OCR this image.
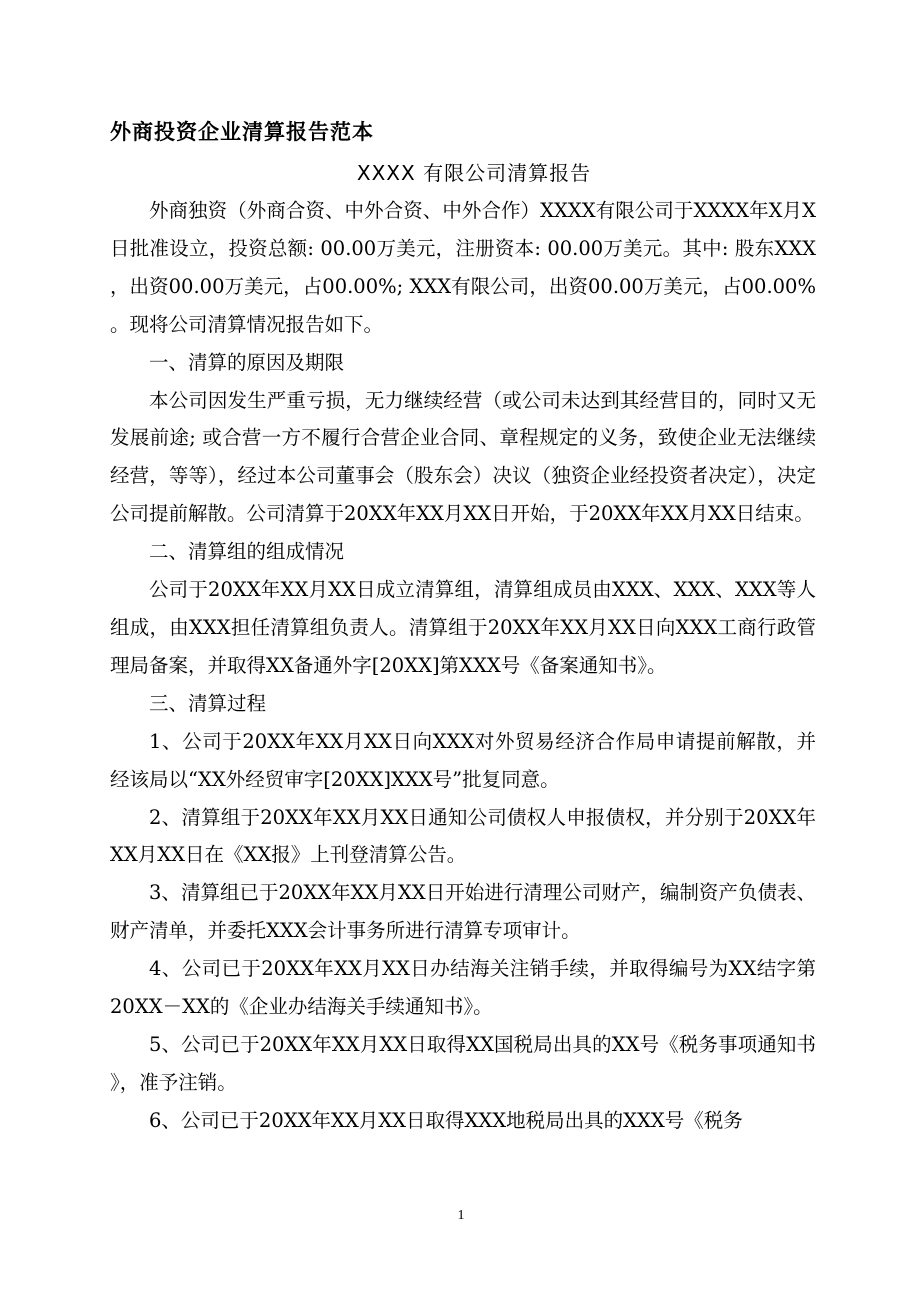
外商投资企业清算报告范本
XXXX 有限公司清算报告

外商独资（外商合资、中外合资、中外合作）XXXX有限公司于XXXX年X月X日批准设立，投资总额: 00.00万美元，注册资本: 00.00万美元。其中: 股东XXX，出资00.00万美元，占00.00%; XXX有限公司，出资00.00万美元，占00.00%。现将公司清算情况报告如下。

一、清算的原因及期限

本公司因发生严重亏损，无力继续经营（或公司未达到其经营目的，同时又无发展前途; 或合营一方不履行合营企业合同、章程规定的义务，致使企业无法继续经营，等等），经过本公司董事会（股东会）决议（独资企业经投资者决定），决定公司提前解散。公司清算于20XX年XX月XX日开始，于20XX年XX月XX日结束。

二、清算组的组成情况

公司于20XX年XX月XX日成立清算组，清算组成员由XXX、XXX、XXX等人组成，由XXX担任清算组负责人。清算组于20XX年XX月XX日向XXX工商行政管理局备案，并取得XX备通外字[20XX]第XXX号《备案通知书》。

三、清算过程

1、公司于20XX年XX月XX日向XXX对外贸易经济合作局申请提前解散，并经该局以“XX外经贸审字[20XX]XXX号”批复同意。

2、清算组于20XX年XX月XX日通知公司债权人申报债权，并分别于20XX年XX月XX日在《XX报》上刊登清算公告。

3、清算组已于20XX年XX月XX日开始进行清理公司财产，编制资产负债表、财产清单，并委托XXX会计事务所进行清算专项审计。

4、公司已于20XX年XX月XX日办结海关注销手续，并取得编号为XX结字第20XX－XX的《企业办结海关手续通知书》。

5、公司已于20XX年XX月XX日取得XX国税局出具的XX号《税务事项通知书》，准予注销。

6、公司已于20XX年XX月XX日取得XXX地税局出具的XXX号《税务

1
